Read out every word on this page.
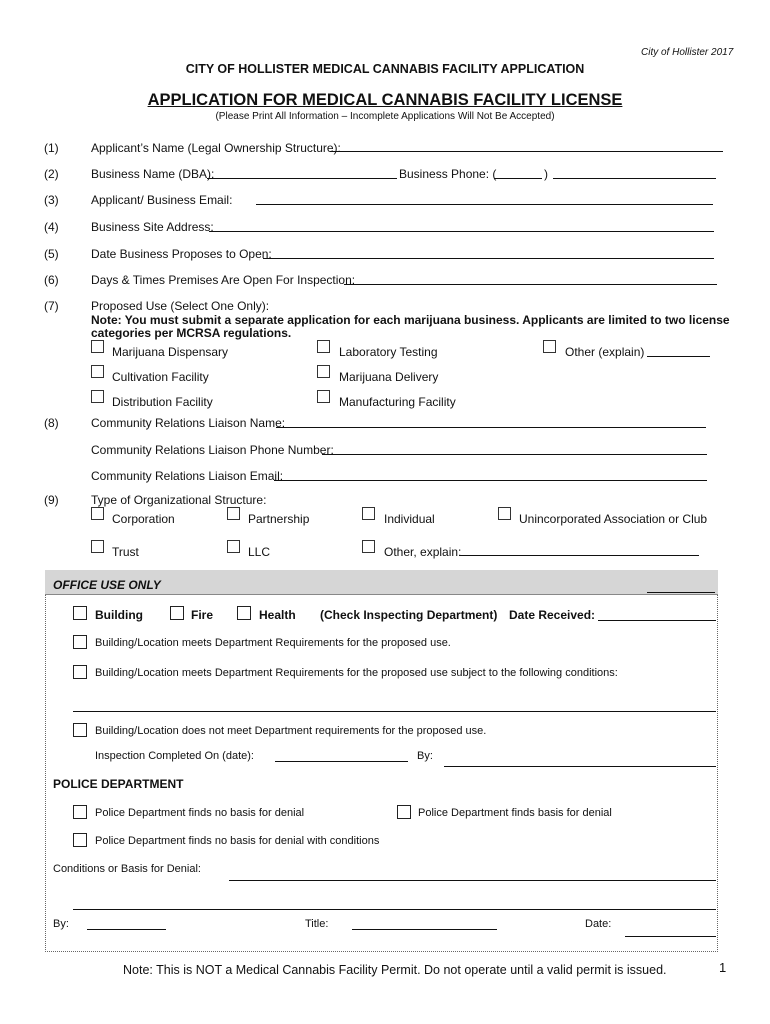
City of Hollister 2017
CITY OF HOLLISTER MEDICAL CANNABIS FACILITY APPLICATION
APPLICATION FOR MEDICAL CANNABIS FACILITY LICENSE
(Please Print All Information – Incomplete Applications Will Not Be Accepted)
(1)	Applicant’s Name (Legal Ownership Structure):
(2)	Business Name (DBA):	Business Phone: (	)
(3)	Applicant/ Business Email:
(4)	Business Site Address:
(5)	Date Business Proposes to Open:
(6)	Days & Times Premises Are Open For Inspection:
(7)	Proposed Use (Select One Only):
Note: You must submit a separate application for each marijuana business. Applicants are limited to two license
categories per MCRSA regulations.
Marijuana Dispensary	Laboratory Testing	Other (explain)
Cultivation Facility	Marijuana Delivery
Distribution Facility	Manufacturing Facility
(8)	Community Relations Liaison Name:
Community Relations Liaison Phone Number:
Community Relations Liaison Email:
(9)	Type of Organizational Structure:
Corporation	Partnership	Individual	Unincorporated Association or Club
Trust	LLC	Other, explain:
OFFICE USE ONLY
Building	Fire	Health (Check Inspecting Department) Date Received:
Building/Location meets Department Requirements for the proposed use.
Building/Location meets Department Requirements for the proposed use subject to the following conditions:
Building/Location does not meet Department requirements for the proposed use.
Inspection Completed On (date):	By:
POLICE DEPARTMENT
Police Department finds no basis for denial	Police Department finds basis for denial
Police Department finds no basis for denial with conditions
Conditions or Basis for Denial:
By:	Title:	Date:
Note: This is NOT a Medical Cannabis Facility Permit. Do not operate until a valid permit is issued.	1
